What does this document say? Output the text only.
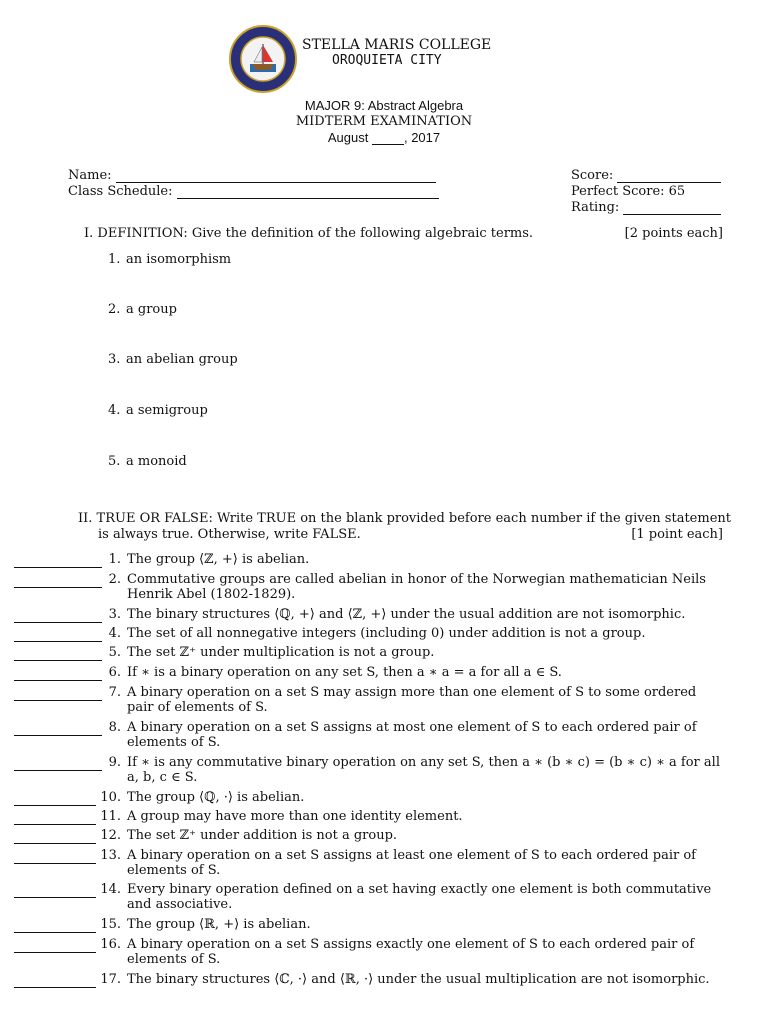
STELLA MARIS COLLEGE
OROQUIETA CITY
MAJOR 9: Abstract Algebra
MIDTERM EXAMINATION
August	, 2017
Name:
Class Schedule:
Score:
Perfect Score: 65
Rating:
I. DEFINITION: Give the definition of the following algebraic terms.	[2 points each]
1. an isomorphism
2. a group
3. an abelian group
4. a semigroup
5. a monoid
II. TRUE OR FALSE: Write TRUE on the blank provided before each number if the given statement
is always true. Otherwise, write FALSE.	[1 point each]
1. The group ⟨ℤ, +⟩ is abelian.
2. Commutative groups are called abelian in honor of the Norwegian mathematician Neils Henrik Abel (1802-1829).
3. The binary structures ⟨ℚ, +⟩ and ⟨ℤ, +⟩ under the usual addition are not isomorphic.
4. The set of all nonnegative integers (including 0) under addition is not a group.
5. The set ℤ⁺ under multiplication is not a group.
6. If ∗ is a binary operation on any set S, then a ∗ a = a for all a ∈ S.
7. A binary operation on a set S may assign more than one element of S to some ordered pair of elements of S.
8. A binary operation on a set S assigns at most one element of S to each ordered pair of elements of S.
9. If ∗ is any commutative binary operation on any set S, then a ∗ (b ∗ c) = (b ∗ c) ∗ a for all a, b, c ∈ S.
10. The group ⟨ℚ, ·⟩ is abelian.
11. A group may have more than one identity element.
12. The set ℤ⁺ under addition is not a group.
13. A binary operation on a set S assigns at least one element of S to each ordered pair of elements of S.
14. Every binary operation defined on a set having exactly one element is both commutative and associative.
15. The group ⟨ℝ, +⟩ is abelian.
16. A binary operation on a set S assigns exactly one element of S to each ordered pair of elements of S.
17. The binary structures ⟨ℂ, ·⟩ and ⟨ℝ, ·⟩ under the usual multiplication are not isomorphic.
